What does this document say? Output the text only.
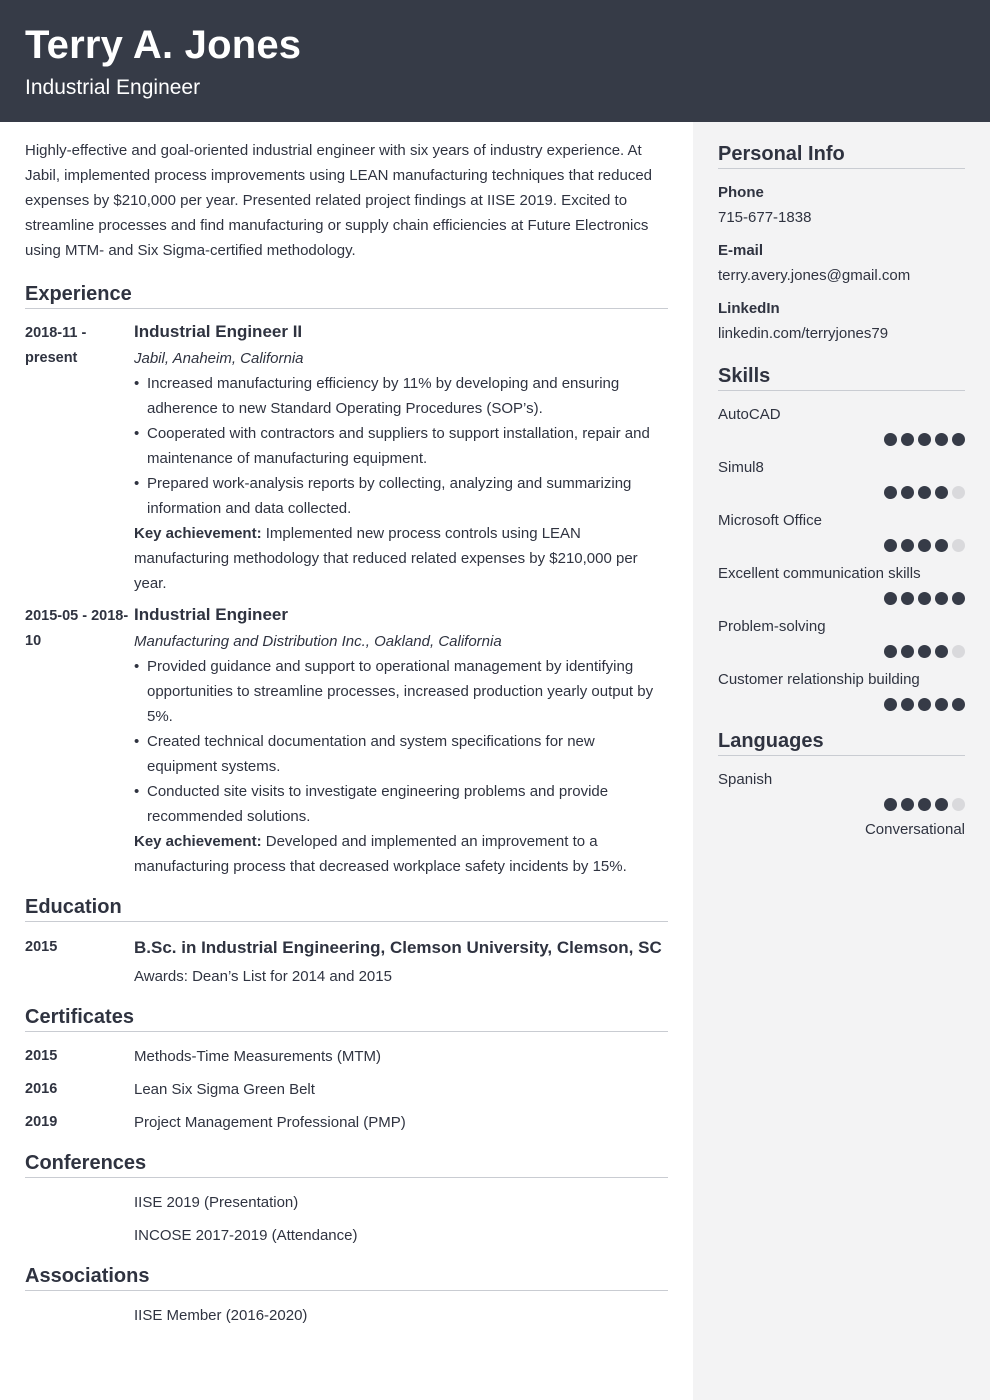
Terry A. Jones
Industrial Engineer

Highly-effective and goal-oriented industrial engineer with six years of industry experience. At Jabil, implemented process improvements using LEAN manufacturing techniques that reduced expenses by $210,000 per year. Presented related project findings at IISE 2019. Excited to streamline processes and find manufacturing or supply chain efficiencies at Future Electronics using MTM- and Six Sigma-certified methodology.

Experience
2018-11 - present
Industrial Engineer II
Jabil, Anaheim, California
• Increased manufacturing efficiency by 11% by developing and ensuring adherence to new Standard Operating Procedures (SOP’s).
• Cooperated with contractors and suppliers to support installation, repair and maintenance of manufacturing equipment.
• Prepared work-analysis reports by collecting, analyzing and summarizing information and data collected.
Key achievement: Implemented new process controls using LEAN manufacturing methodology that reduced related expenses by $210,000 per year.
2015-05 - 2018-10
Industrial Engineer
Manufacturing and Distribution Inc., Oakland, California
• Provided guidance and support to operational management by identifying opportunities to streamline processes, increased production yearly output by 5%.
• Created technical documentation and system specifications for new equipment systems.
• Conducted site visits to investigate engineering problems and provide recommended solutions.
Key achievement: Developed and implemented an improvement to a manufacturing process that decreased workplace safety incidents by 15%.
Education
2015	B.Sc. in Industrial Engineering, Clemson University, Clemson, SC
Awards: Dean’s List for 2014 and 2015
Certificates
2015	Methods-Time Measurements (MTM)
2016	Lean Six Sigma Green Belt
2019	Project Management Professional (PMP)
Conferences
IISE 2019 (Presentation)
INCOSE 2017-2019 (Attendance)
Associations
IISE Member (2016-2020)
Personal Info
Phone
715-677-1838
E-mail
terry.avery.jones@gmail.com
LinkedIn
linkedin.com/terryjones79
Skills
AutoCAD
Simul8
Microsoft Office
Excellent communication skills
Problem-solving
Customer relationship building
Languages
Spanish
Conversational
